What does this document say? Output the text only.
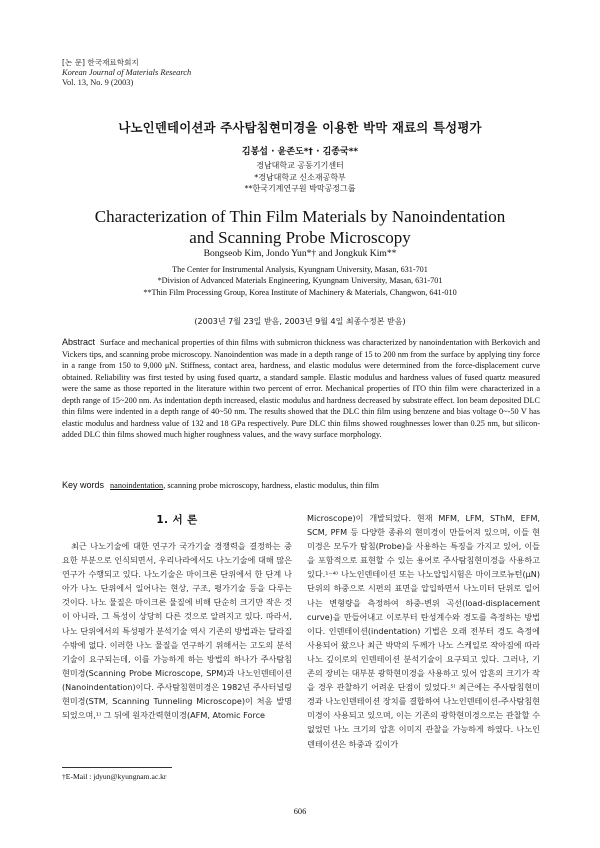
[논 문] 한국재료학회지
Korean Journal of Materials Research
Vol. 13, No. 9 (2003)
나노인덴테이션과 주사탐침현미경을 이용한 박막 재료의 특성평가
김봉섭 · 윤존도*† · 김종국**
경남대학교 공동기기센터
*경남대학교 신소재공학부
**한국기계연구원 박막공정그룹
Characterization of Thin Film Materials by Nanoindentation
and Scanning Probe Microscopy
Bongseob Kim, Jondo Yun*† and Jongkuk Kim**
The Center for Instrumental Analysis, Kyungnam University, Masan, 631-701
*Division of Advanced Materials Engineering, Kyungnam University, Masan, 631-701
**Thin Film Processing Group, Korea Institute of Machinery & Materials, Changwon, 641-010
(2003년 7월 23일 받음, 2003년 9월 4일 최종수정본 받음)
Abstract Surface and mechanical properties of thin films with submicron thickness was characterized by nanoindentation with Berkovich and Vickers tips, and scanning probe microscopy. Nanoindention was made in a depth range of 15 to 200 nm from the surface by applying tiny force in a range from 150 to 9,000 μN. Stiffness, contact area, hardness, and elastic modulus were determined from the force-displacement curve obtained. Reliability was first tested by using fused quartz, a standard sample. Elastic modulus and hardness values of fused quartz measured were the same as those reported in the literature within two percent of error. Mechanical properties of ITO thin film were characterized in a depth range of 15~200 nm. As indentation depth increased, elastic modulus and hardness decreased by substrate effect. Ion beam deposited DLC thin films were indented in a depth range of 40~50 nm. The results showed that the DLC thin film using benzene and bias voltage 0~-50 V has elastic modulus and hardness value of 132 and 18 GPa respectively. Pure DLC thin films showed roughnesses lower than 0.25 nm, but silicon-added DLC thin films showed much higher roughness values, and the wavy surface morphology.
Key words nanoindentation, scanning probe microscopy, hardness, elastic modulus, thin film
1. 서 론

최근 나노기술에 대한 연구가 국가기술 경쟁력을 결정하는 중요한 부분으로 인식되면서, 우리나라에서도 나노기술에 대해 많은 연구가 수행되고 있다. 나노기술은 마이크론 단위에서 한 단계 나아가 나노 단위에서 일어나는 현상, 구조, 평가기술 등을 다루는 것이다. 나노 물질은 마이크론 물질에 비해 단순히 크기만 작은 것이 아니라, 그 특성이 상당히 다른 것으로 알려지고 있다. 따라서, 나노 단위에서의 특성평가 분석기술 역시 기존의 방법과는 달라질 수밖에 없다. 이러한 나노 물질을 연구하기 위해서는 고도의 분석기술이 요구되는데, 이를 가능하게 하는 방법의 하나가 주사탐침현미경(Scanning Probe Microscope, SPM)과 나노인덴테이션(Nanoindentation)이다. 주사탐침현미경은 1982년 주사터널링현미경(STM, Scanning Tunneling Microscope)이 처음 발명되었으며,¹⁾ 그 뒤에 원자간력현미경(AFM, Atomic Force

Microscope)이 개발되었다. 현재 MFM, LFM, SThM, EFM, SCM, PFM 등 다양한 종류의 현미경이 만들어져 있으며, 이들 현미경은 모두가 탐침(Probe)을 사용하는 특징을 가지고 있어, 이들을 포함적으로 표현할 수 있는 용어로 주사탐침현미경을 사용하고 있다.¹⁻⁴⁾ 나노인덴테이션 또는 나노압입시험은 마이크로뉴턴(μN) 단위의 하중으로 시편의 표면을 압입하면서 나노미터 단위로 일어나는 변형량을 측정하여 하중-변위 곡선(load-displacement curve)을 만들어내고 이로부터 탄성계수와 경도를 측정하는 방법이다. 인덴테이션(indentation) 기법은 오래 전부터 경도 측정에 사용되어 왔으나 최근 박막의 두께가 나노 스케일로 작아짐에 따라 나노 깊이로의 인덴테이션 분석기술이 요구되고 있다. 그러나, 기존의 장비는 대부분 광학현미경을 사용하고 있어 압흔의 크기가 작을 경우 관찰하기 어려운 단점이 있었다.⁵⁾ 최근에는 주사탐침현미경과 나노인덴테이션 장치를 결합하여 나노인덴테이션-주사탐침현미경이 사용되고 있으며, 이는 기존의 광학현미경으로는 관찰할 수 없었던 나노 크기의 압흔 이미지 관찰을 가능하게 하였다. 나노인덴테이션은 하중과 깊이가

†E-Mail : jdyun@kyungnam.ac.kr
606
